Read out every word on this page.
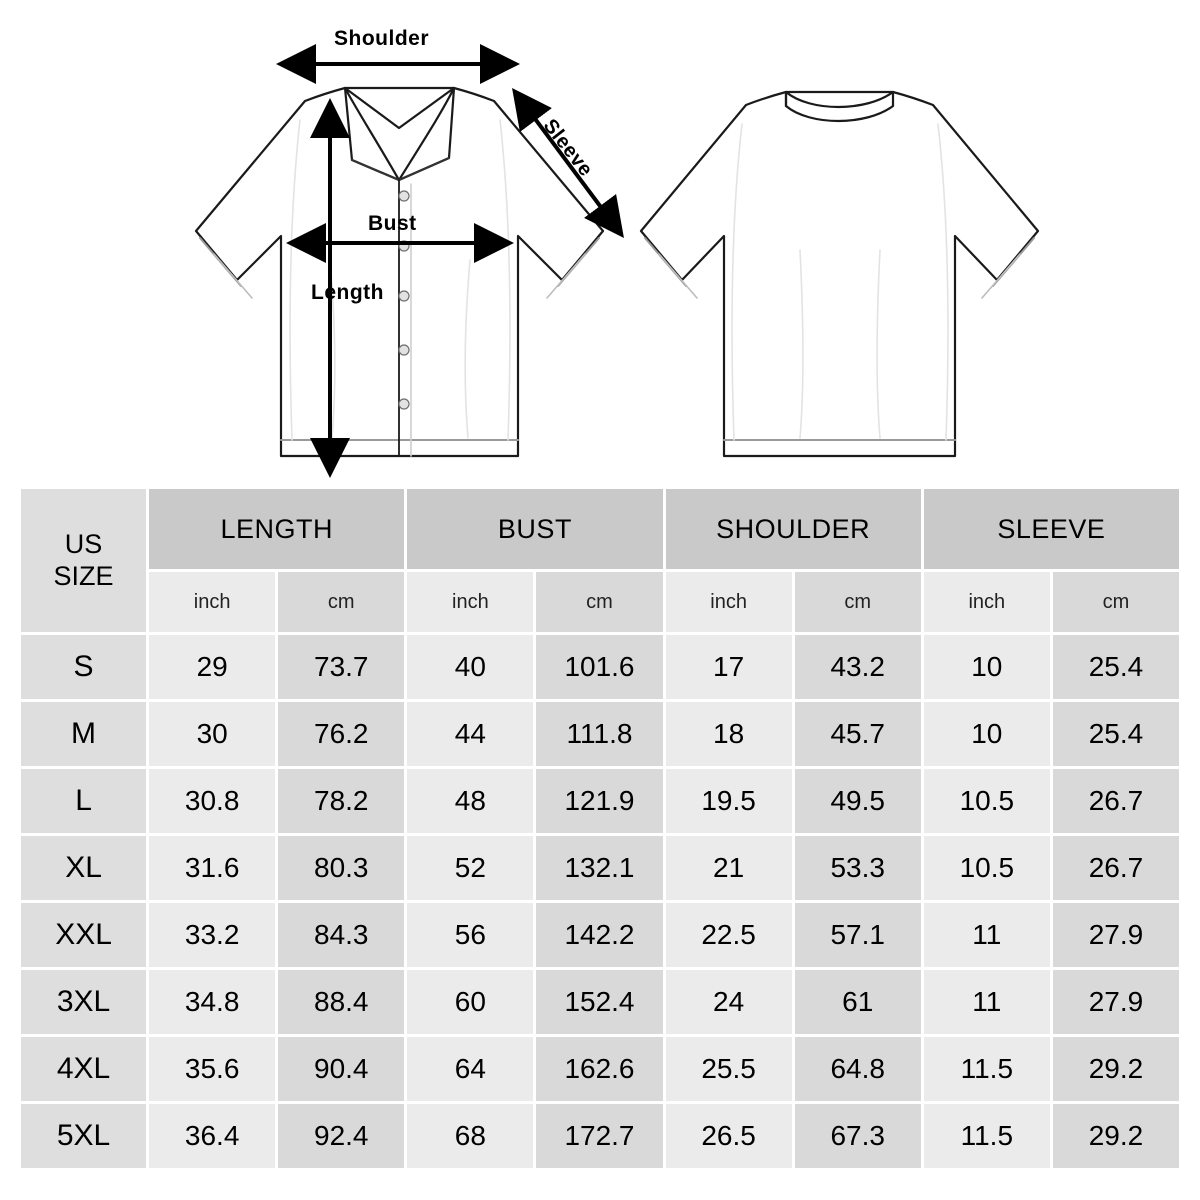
Shoulder
Bust
Length
Sleeve
US
SIZE	LENGTH		BUST		SHOULDER		SLEEVE	
	inch	cm	inch	cm	inch	cm	inch	cm
S	29	73.7	40	101.6	17	43.2	10	25.4
M	30	76.2	44	111.8	18	45.7	10	25.4
L	30.8	78.2	48	121.9	19.5	49.5	10.5	26.7
XL	31.6	80.3	52	132.1	21	53.3	10.5	26.7
XXL	33.2	84.3	56	142.2	22.5	57.1	11	27.9
3XL	34.8	88.4	60	152.4	24	61	11	27.9
4XL	35.6	90.4	64	162.6	25.5	64.8	11.5	29.2
5XL	36.4	92.4	68	172.7	26.5	67.3	11.5	29.2
